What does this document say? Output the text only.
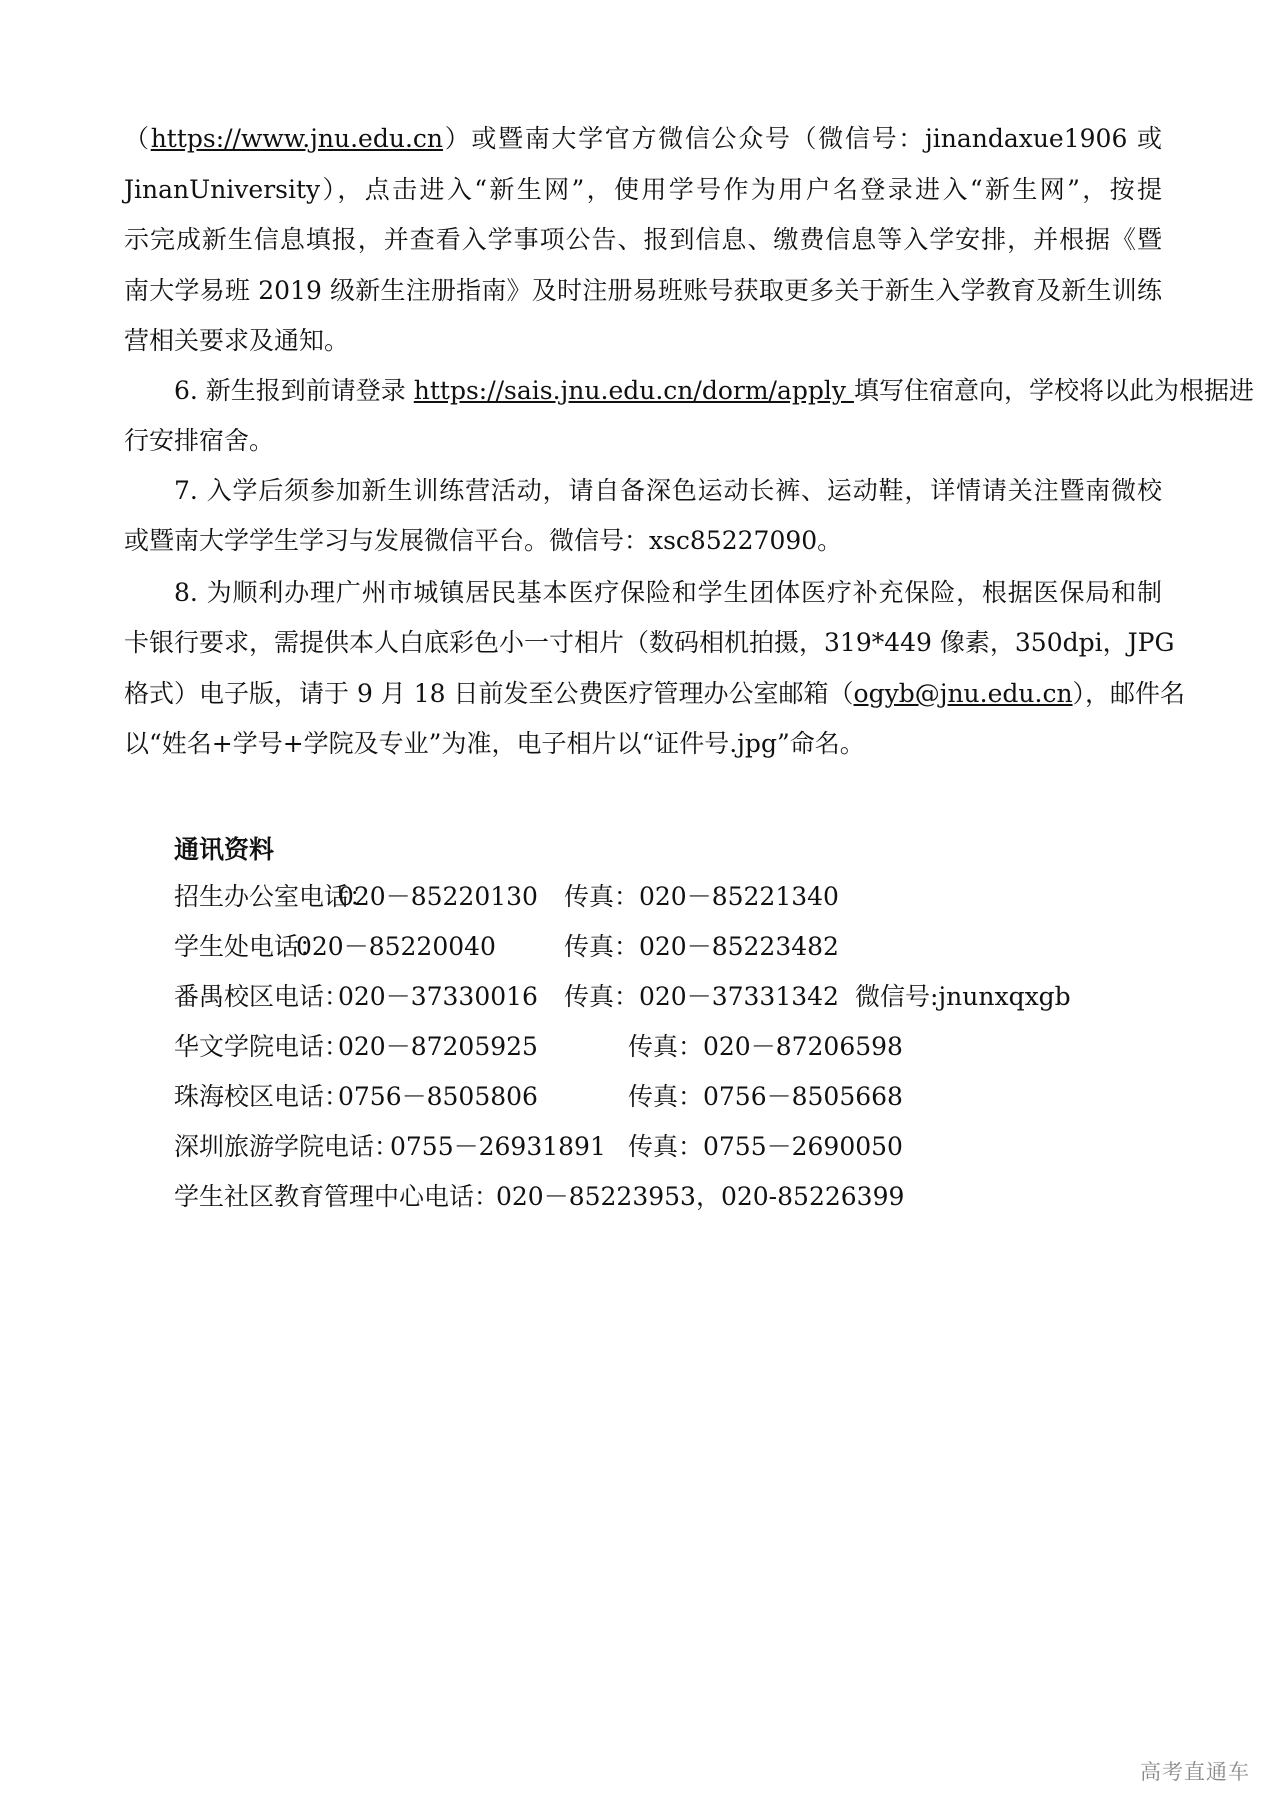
（https://www.jnu.edu.cn）或暨南大学官方微信公众号（微信号：jinandaxue1906 或
JinanUniversity），点击进入“新生网”，使用学号作为用户名登录进入“新生网”，按提
示完成新生信息填报，并查看入学事项公告、报到信息、缴费信息等入学安排，并根据《暨
南大学易班 2019 级新生注册指南》及时注册易班账号获取更多关于新生入学教育及新生训练
营相关要求及通知。
6. 新生报到前请登录 https://sais.jnu.edu.cn/dorm/apply 填写住宿意向，学校将以此为根据进
行安排宿舍。
7. 入学后须参加新生训练营活动，请自备深色运动长裤、运动鞋，详情请关注暨南微校
或暨南大学学生学习与发展微信平台。微信号：xsc85227090。
8. 为顺利办理广州市城镇居民基本医疗保险和学生团体医疗补充保险，根据医保局和制
卡银行要求，需提供本人白底彩色小一寸相片（数码相机拍摄，319*449 像素，350dpi，JPG
格式）电子版，请于 9 月 18 日前发至公费医疗管理办公室邮箱（ogyb@jnu.edu.cn），邮件名
以“姓名+学号+学院及专业”为准，电子相片以“证件号.jpg”命名。
通讯资料
招生办公室电话：
020－85220130 传真：020－85221340
学生处电话：
020－85220040	传真：020－85223482
番禺校区电话：
020－37330016 传真：020－37331342 微信号:jnunxqxgb
华文学院电话：
020－87205925	传真：020－87206598
珠海校区电话：
0756－8505806	传真：0756－8505668
深圳旅游学院电话：
0755－26931891 传真：0755－2690050
学生社区教育管理中心电话：
020－85223953，020-85226399
高考直通车
